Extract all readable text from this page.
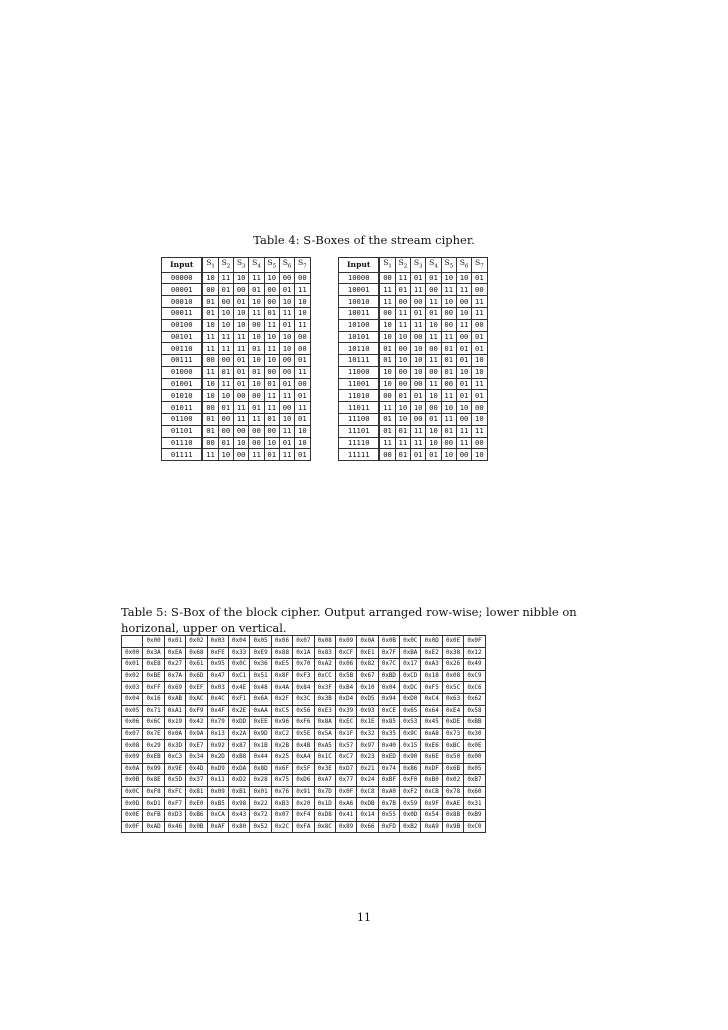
Table 4: S-Boxes of the stream cipher.
Input	$S_1$	$S_2$	$S_3$	$S_4$	$S_5$	$S_6$	$S_7$
00000	10	11	10	11	10	00	00
00001	00	01	00	01	00	01	11
00010	01	00	01	10	00	10	10
00011	01	10	10	11	01	11	10
00100	10	10	10	00	11	01	11
00101	11	11	11	10	10	10	00
00110	11	11	11	01	11	10	00
00111	00	00	01	10	10	00	01
01000	11	01	01	01	00	00	11
01001	10	11	01	10	01	01	00
01010	10	10	00	00	11	11	01
01011	00	01	11	01	11	00	11
01100	01	00	11	11	01	10	01
01101	01	00	00	00	00	11	10
01110	00	01	10	00	10	01	10
01111	11	10	00	11	01	11	01
Input	$S_1$	$S_2$	$S_3$	$S_4$	$S_5$	$S_6$	$S_7$
10000	00	11	01	01	10	10	01
10001	11	01	11	00	11	11	00
10010	11	00	00	11	10	00	11
10011	00	11	01	01	00	10	11
10100	10	11	11	10	00	11	00
10101	10	10	00	11	11	00	01
10110	01	00	10	00	01	01	01
10111	01	10	10	11	01	01	10
11000	10	00	10	00	01	10	10
11001	10	00	00	11	00	01	11
11010	00	01	01	10	11	01	01
11011	11	10	10	00	10	10	00
11100	01	10	00	01	11	00	10
11101	01	01	11	10	01	11	11
11110	11	11	11	10	00	11	00
11111	00	01	01	01	10	00	10
Table 5: S-Box of the block cipher. Output arranged row-wise; lower nibble on horizonal, upper on vertical.
	0x00	0x01	0x02	0x03	0x04	0x05	0x06	0x07	0x08	0x09	0x0A	0x0B	0x0C	0x0D	0x0E	0x0F
0x00	0x3A	0xEA	0x68	0xFE	0x33	0xE9	0x88	0x1A	0x83	0xCF	0xE1	0x7F	0xBA	0xE2	0x38	0x12
0x01	0xE8	0x27	0x61	0x95	0x0C	0x36	0xE5	0x70	0xA2	0x06	0x82	0x7C	0x17	0xA3	0x26	0x49
0x02	0xBE	0x7A	0x6D	0x47	0xC1	0x51	0x8F	0xF3	0xCC	0x5B	0x67	0xBD	0xCD	0x18	0x08	0xC9
0x03	0xFF	0x69	0xEF	0x03	0x4E	0x48	0x4A	0x84	0x3F	0xB4	0x10	0x04	0xDC	0xF5	0x5C	0xC6
0x04	0x16	0xAB	0xAC	0x4C	0xF1	0x6A	0x2F	0x3C	0x3B	0xD4	0xD5	0x94	0xD0	0xC4	0x63	0x62
0x05	0x71	0xA1	0xF9	0x4F	0x2E	0xAA	0xC5	0x56	0xE3	0x39	0x93	0xCE	0x65	0x64	0xE4	0x58
0x06	0x6C	0x19	0x42	0x79	0xDD	0xEE	0x96	0xF6	0x8A	0xEC	0x1E	0x85	0x53	0x45	0xDE	0xBB
0x07	0x7E	0x0A	0x9A	0x13	0x2A	0x9D	0xC2	0x5E	0x5A	0x1F	0x32	0x35	0x9C	0xA8	0x73	0x30
0x08	0x29	0x3D	0xE7	0x92	0x87	0x1B	0x2B	0x4B	0xA5	0x57	0x97	0x40	0x15	0xE6	0xBC	0x0E
0x09	0xEB	0xC3	0x34	0x2D	0xB8	0x44	0x25	0xA4	0x1C	0xC7	0x23	0xED	0x90	0x6E	0x50	0x00
0x0A	0x99	0x9E	0x4D	0xD9	0xDA	0x8D	0x6F	0x5F	0x3E	0xD7	0x21	0x74	0x86	0xDF	0x6B	0x05
0x0B	0x8E	0x5D	0x37	0x11	0xD2	0x28	0x75	0xD6	0xA7	0x77	0x24	0xBF	0xF0	0xB0	0x02	0xB7
0x0C	0xF8	0xFC	0x81	0x09	0xB1	0x01	0x76	0x91	0x7D	0x0F	0xC8	0xA0	0xF2	0xCB	0x78	0x60
0x0D	0xD1	0xF7	0xE0	0xB5	0x98	0x22	0xB3	0x20	0x1D	0xA6	0xDB	0x7B	0x59	0x9F	0xAE	0x31
0x0E	0xFB	0xD3	0xB6	0xCA	0x43	0x72	0x07	0xF4	0xD8	0x41	0x14	0x55	0x0D	0x54	0x8B	0xB9
0x0F	0xAD	0x46	0x0B	0xAF	0x80	0x52	0x2C	0xFA	0x8C	0x89	0x66	0xFD	0xB2	0xA9	0x9B	0xC0
11
